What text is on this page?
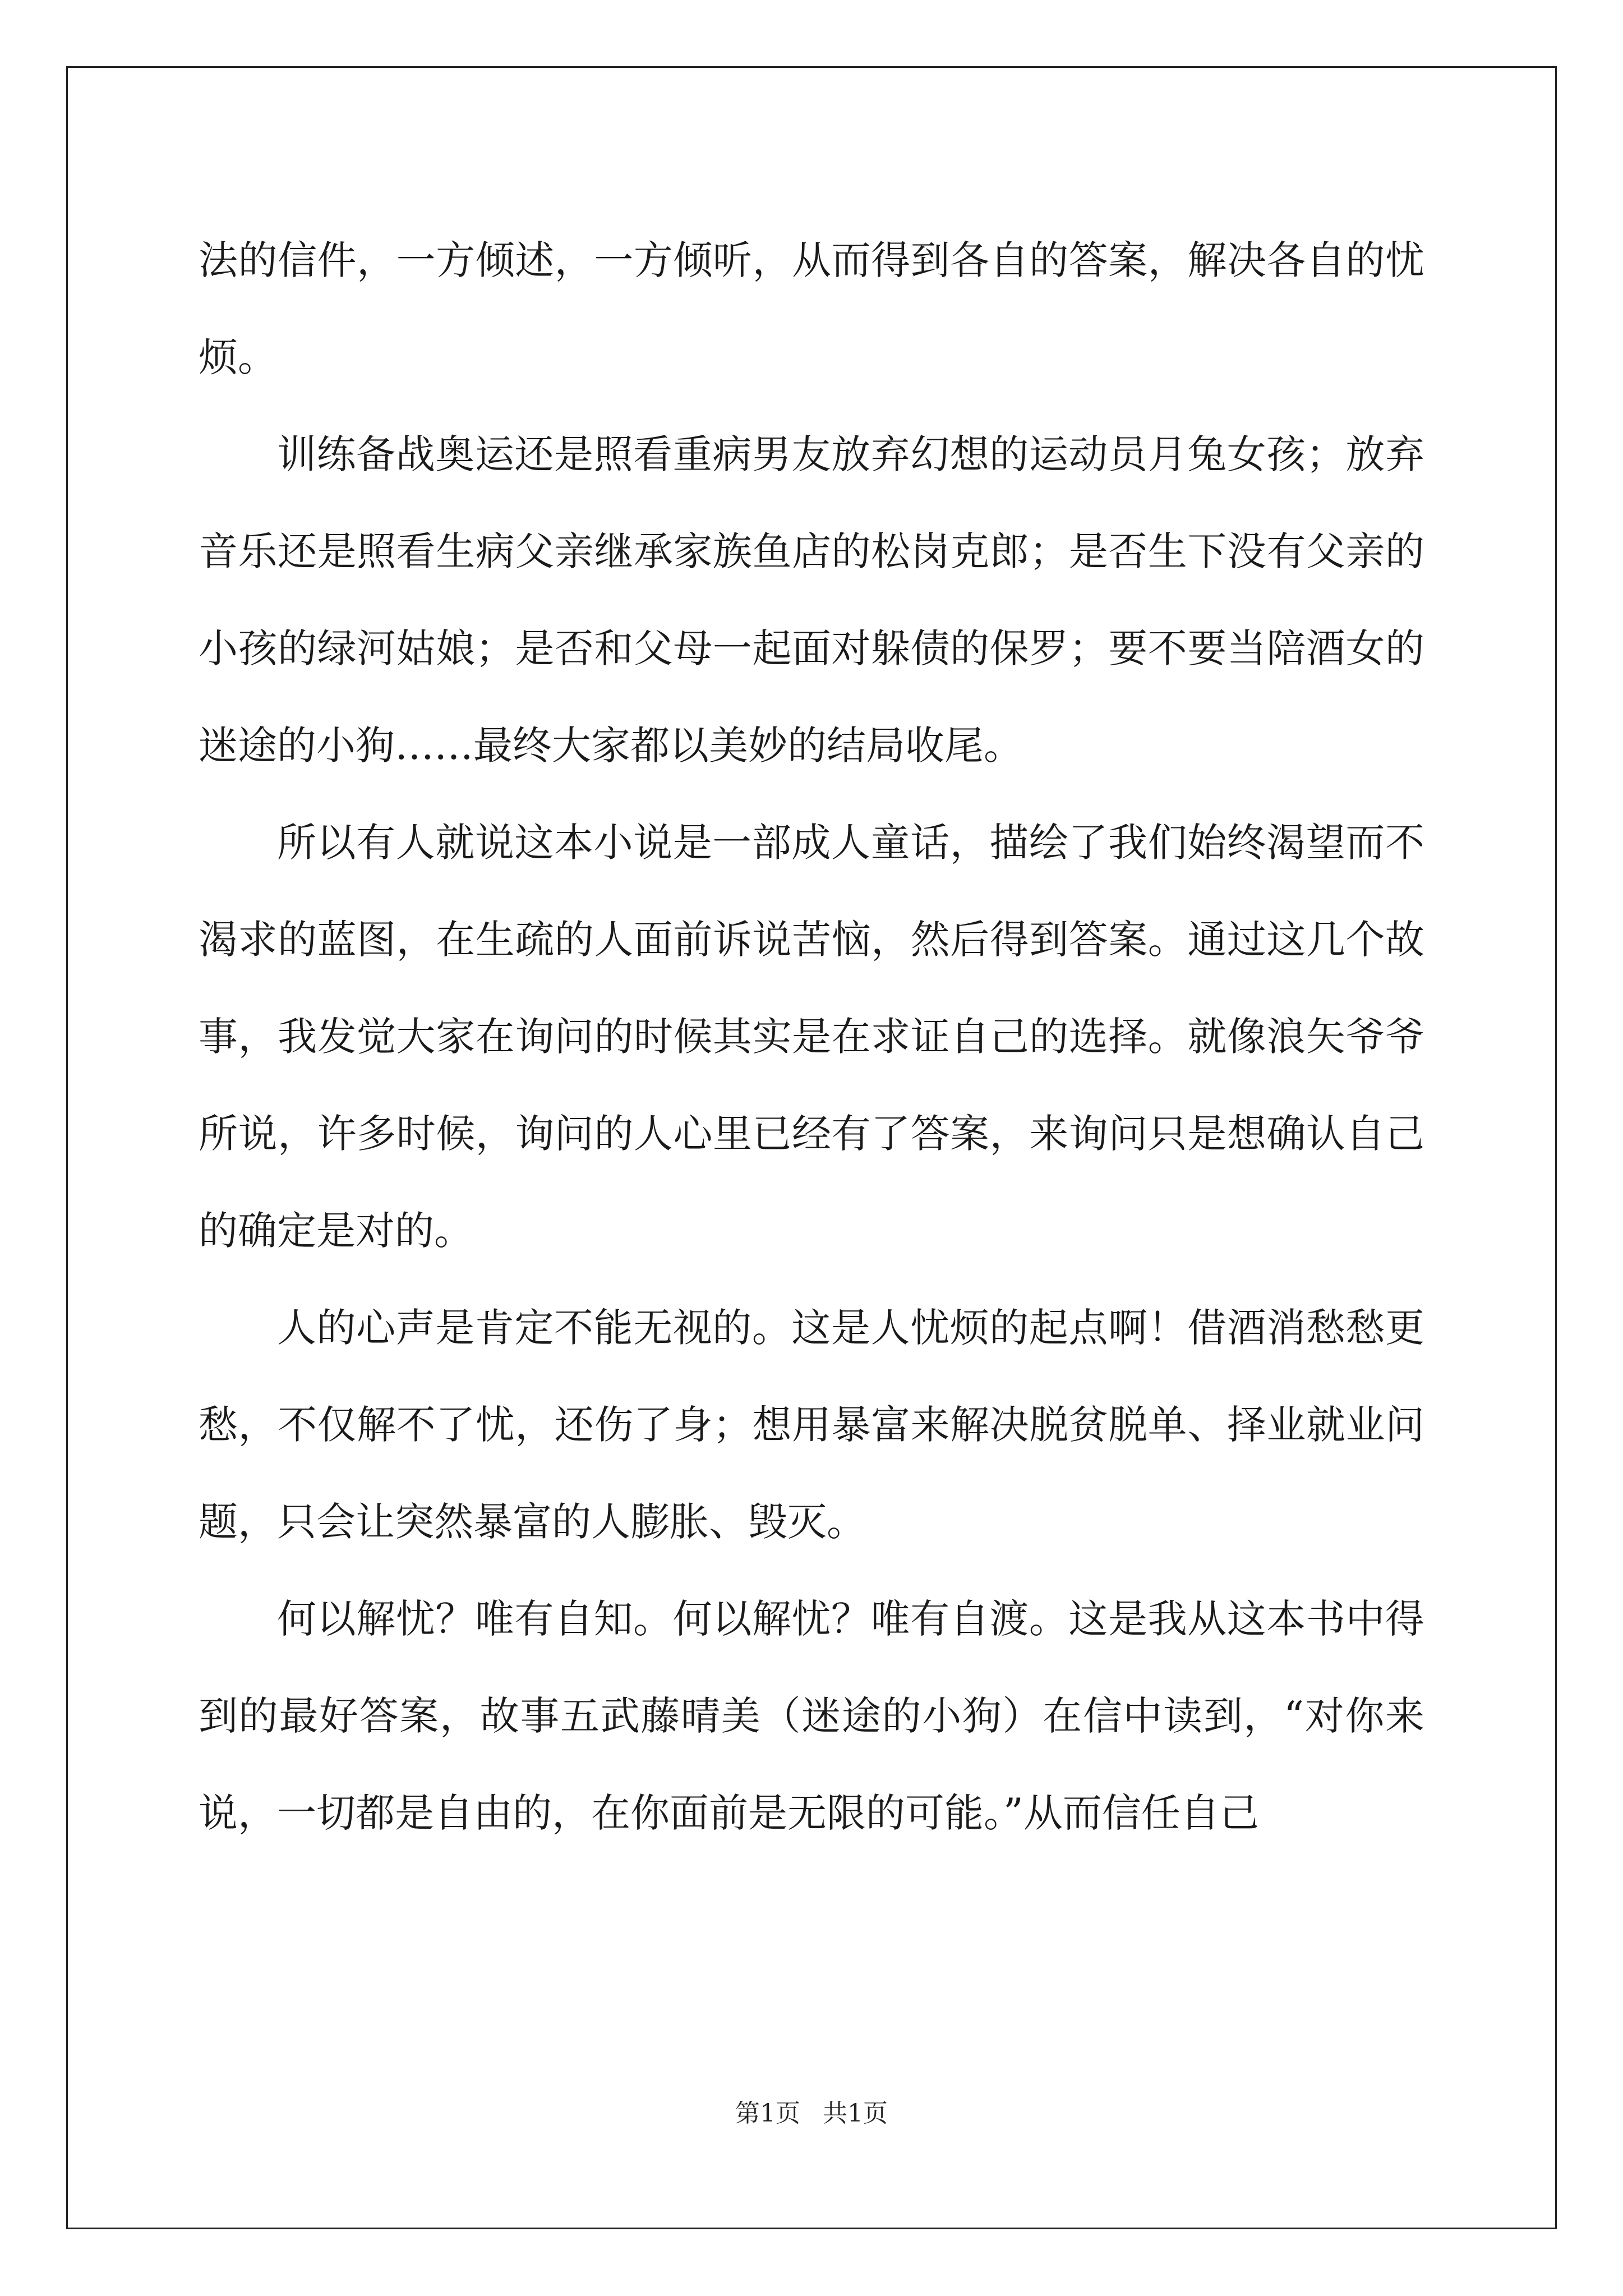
法的信件，一方倾述，一方倾听，从而得到各自的答案，解决各自的忧烦。

训练备战奥运还是照看重病男友放弃幻想的运动员月兔女孩；放弃音乐还是照看生病父亲继承家族鱼店的松岗克郎；是否生下没有父亲的小孩的绿河姑娘；是否和父母一起面对躲债的保罗；要不要当陪酒女的迷途的小狗……最终大家都以美妙的结局收尾。

所以有人就说这本小说是一部成人童话，描绘了我们始终渴望而不渴求的蓝图，在生疏的人面前诉说苦恼，然后得到答案。通过这几个故事，我发觉大家在询问的时候其实是在求证自己的选择。就像浪矢爷爷所说，许多时候，询问的人心里已经有了答案，来询问只是想确认自己的确定是对的。

人的心声是肯定不能无视的。这是人忧烦的起点啊！借酒消愁愁更愁，不仅解不了忧，还伤了身；想用暴富来解决脱贫脱单、择业就业问题，只会让突然暴富的人膨胀、毁灭。

何以解忧？唯有自知。何以解忧？唯有自渡。这是我从这本书中得到的最好答案，故事五武藤晴美（迷途的小狗）在信中读到，“对你来说，一切都是自由的，在你面前是无限的可能。”从而信任自己

第1页 共1页
